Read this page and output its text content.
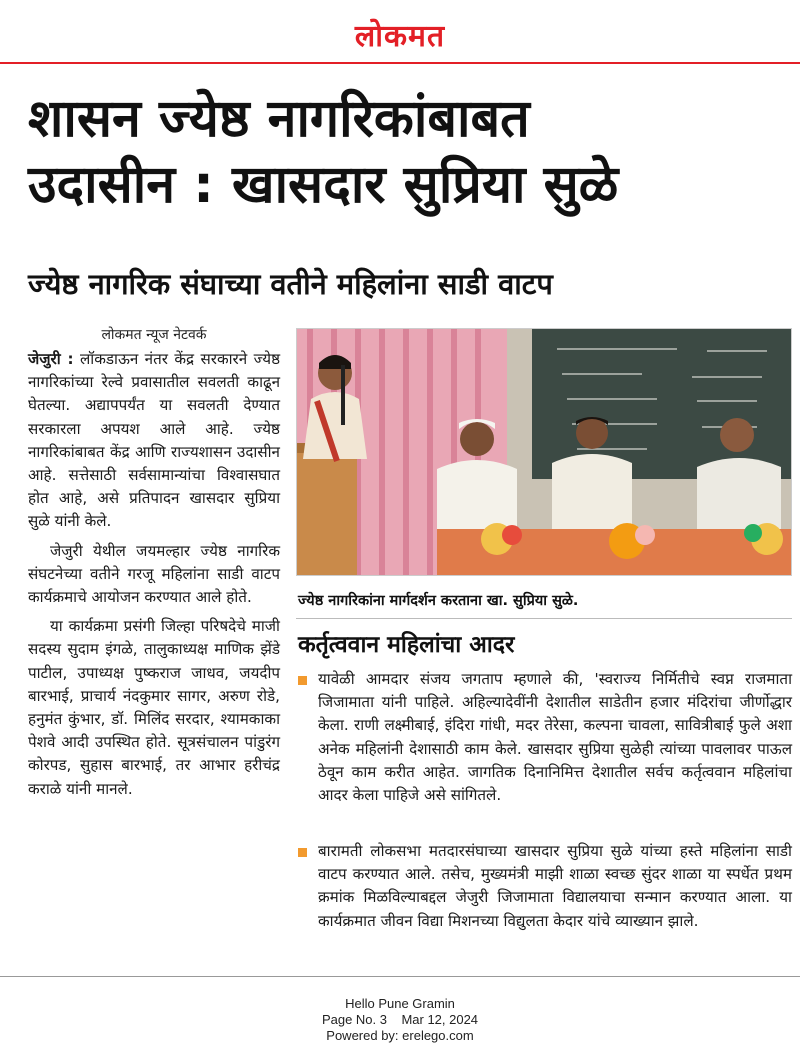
लोकमत
शासन ज्येष्ठ नागरिकांबाबत
उदासीन : खासदार सुप्रिया सुळे
ज्येष्ठ नागरिक संघाच्या वतीने महिलांना साडी वाटप
लोकमत न्यूज नेटवर्क

जेजुरी : लॉकडाऊन नंतर केंद्र सरकारने ज्येष्ठ नागरिकांच्या रेल्वे प्रवासातील सवलती काढून घेतल्या. अद्यापपर्यंत या सवलती देण्यात सरकारला अपयश आले आहे. ज्येष्ठ नागरिकांबाबत केंद्र आणि राज्यशासन उदासीन आहे. सत्तेसाठी सर्वसामान्यांचा विश्वासघात होत आहे, असे प्रतिपादन खासदार सुप्रिया सुळे यांनी केले.

जेजुरी येथील जयमल्हार ज्येष्ठ नागरिक संघटनेच्या वतीने गरजू महिलांना साडी वाटप कार्यक्रमाचे आयोजन करण्यात आले होते.

या कार्यक्रमा प्रसंगी जिल्हा परिषदेचे माजी सदस्य सुदाम इंगळे, तालुकाध्यक्ष माणिक झेंडे पाटील, उपाध्यक्ष पुष्कराज जाधव, जयदीप बारभाई, प्राचार्य नंदकुमार सागर, अरुण रोडे, हनुमंत कुंभार, डॉ. मिलिंद सरदार, श्यामकाका पेशवे आदी उपस्थित होते. सूत्रसंचालन पांडुरंग कोरपड, सुहास बारभाई, तर आभार हरीचंद्र कराळे यांनी मानले.

ज्येष्ठ नागरिकांना मार्गदर्शन करताना खा. सुप्रिया सुळे.
कर्तृत्ववान महिलांचा आदर

यावेळी आमदार संजय जगताप म्हणाले की, 'स्वराज्य निर्मितीचे स्वप्न राजमाता जिजामाता यांनी पाहिले. अहिल्यादेवींनी देशातील साडेतीन हजार मंदिरांचा जीर्णोद्धार केला. राणी लक्ष्मीबाई, इंदिरा गांधी, मदर तेरेसा, कल्पना चावला, सावित्रीबाई फुले अशा अनेक महिलांनी देशासाठी काम केले. खासदार सुप्रिया सुळेही त्यांच्या पावलावर पाऊल ठेवून काम करीत आहेत. जागतिक दिनानिमित्त देशातील सर्वच कर्तृत्ववान महिलांचा आदर केला पाहिजे असे सांगितले.

बारामती लोकसभा मतदारसंघाच्या खासदार सुप्रिया सुळे यांच्या हस्ते महिलांना साडी वाटप करण्यात आले. तसेच, मुख्यमंत्री माझी शाळा स्वच्छ सुंदर शाळा या स्पर्धेत प्रथम क्रमांक मिळविल्याबद्दल जेजुरी जिजामाता विद्यालयाचा सन्मान करण्यात आला. या कार्यक्रमात जीवन विद्या मिशनच्या विद्युलता केदार यांचे व्याख्यान झाले.

Hello Pune Gramin
Page No. 3 Mar 12, 2024
Powered by: erelego.com
